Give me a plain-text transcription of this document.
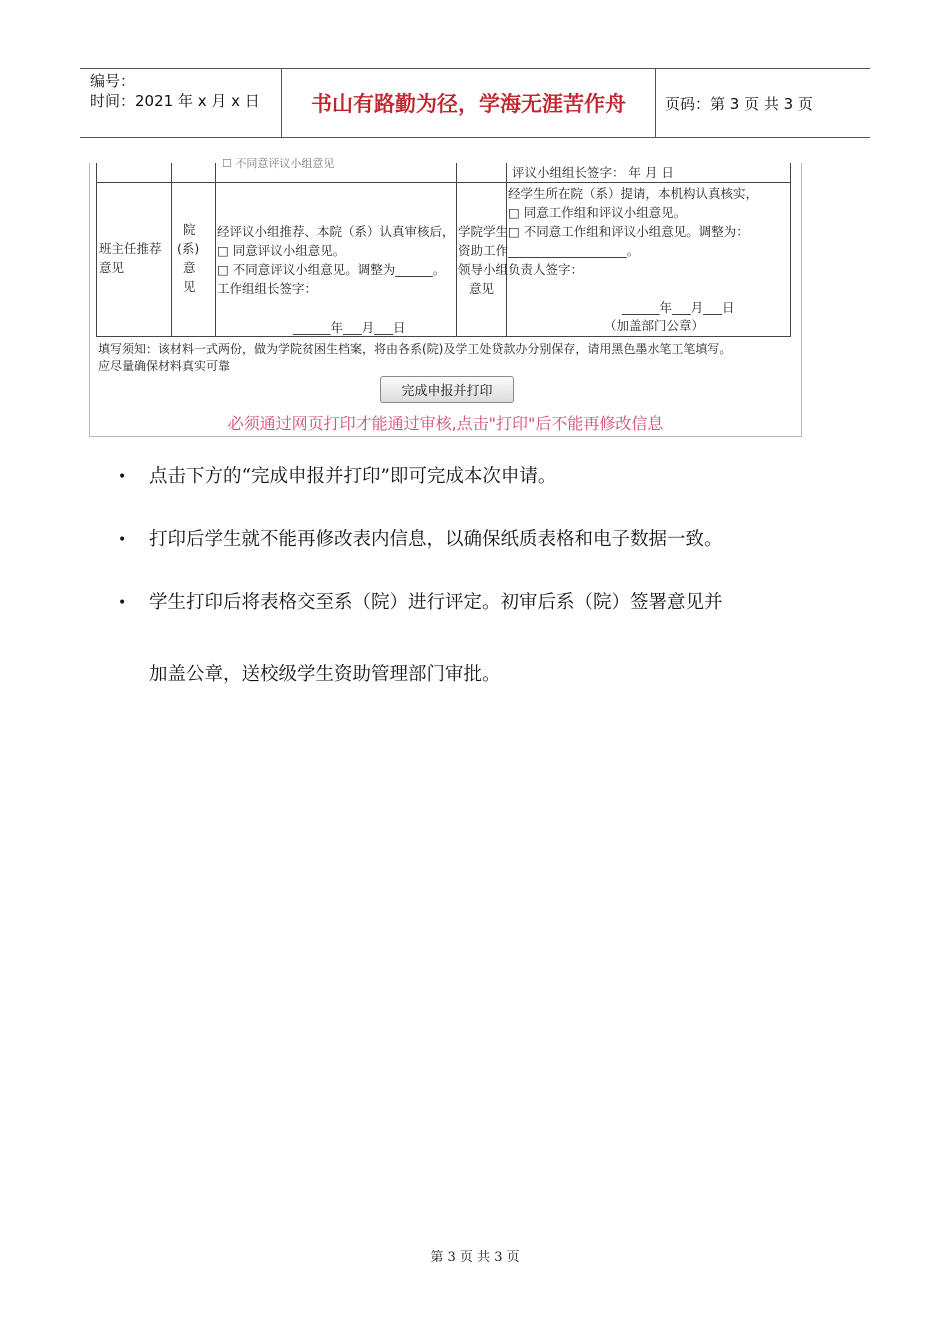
编号：
时间：2021 年 x 月 x 日	书山有路勤为径，学海无涯苦作舟	页码：第 3 页 共 3 页
☐ 不同意评议小组意见
评议小组组长签字： 年 月 日
班主任推荐
意见
院
(系)
意
见
经评议小组推荐、本院（系）认真审核后，
□ 同意评议小组意见。
□ 不同意评议小组意见。调整为______。
工作组组长签字：
______年___月___日
学院学生
资助工作
领导小组
意见
经学生所在院（系）提请，本机构认真核实，
□ 同意工作组和评议小组意见。
□ 不同意工作组和评议小组意见。调整为：
___________________。
负责人签字：
______年___月___日
（加盖部门公章）
填写须知：该材料一式两份，做为学院贫困生档案，将由各系(院)及学工处贷款办分别保存，请用黑色墨水笔工笔填写。
应尽量确保材料真实可靠
完成申报并打印
必须通过网页打印才能通过审核,点击"打印"后不能再修改信息
• 点击下方的“完成申报并打印”即可完成本次申请。
• 打印后学生就不能再修改表内信息，以确保纸质表格和电子数据一致。
• 学生打印后将表格交至系（院）进行评定。初审后系（院）签署意见并
加盖公章，送校级学生资助管理部门审批。
第 3 页 共 3 页
